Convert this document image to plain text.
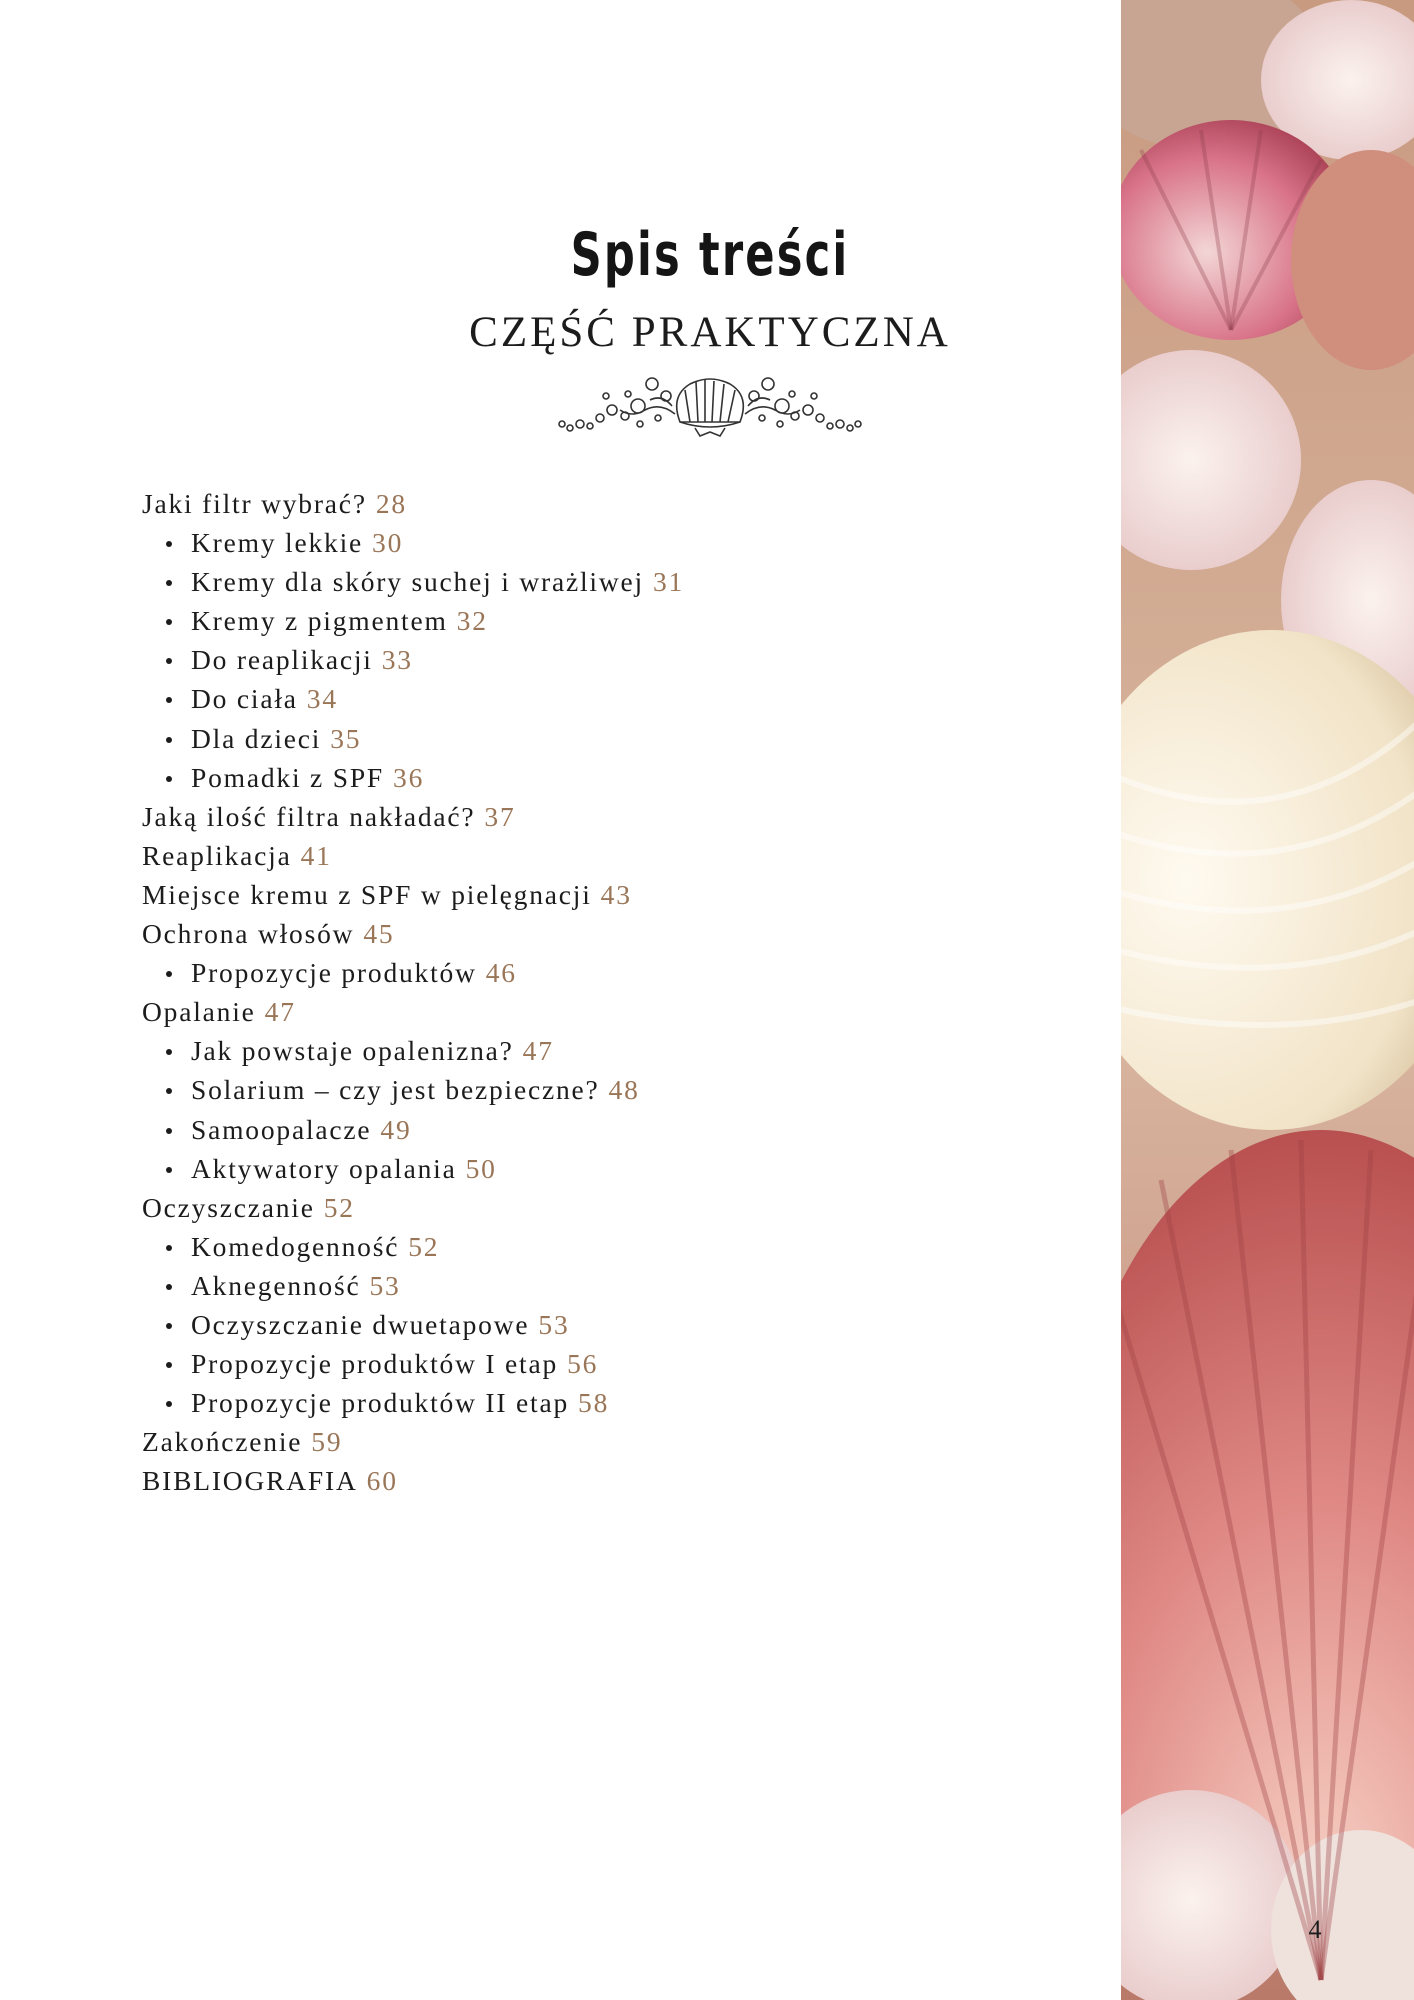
Spis treści
CZĘŚĆ PRAKTYCZNA
Jaki filtr wybrać? 28
Kremy lekkie 30
Kremy dla skóry suchej i wrażliwej 31
Kremy z pigmentem 32
Do reaplikacji 33
Do ciała 34
Dla dzieci 35
Pomadki z SPF 36
Jaką ilość filtra nakładać? 37
Reaplikacja 41
Miejsce kremu z SPF w pielęgnacji 43
Ochrona włosów 45
Propozycje produktów 46
Opalanie 47
Jak powstaje opalenizna? 47
Solarium – czy jest bezpieczne? 48
Samoopalacze 49
Aktywatory opalania 50
Oczyszczanie 52
Komedogenność 52
Aknegenność 53
Oczyszczanie dwuetapowe 53
Propozycje produktów I etap 56
Propozycje produktów II etap 58
Zakończenie 59
BIBLIOGRAFIA 60
4
